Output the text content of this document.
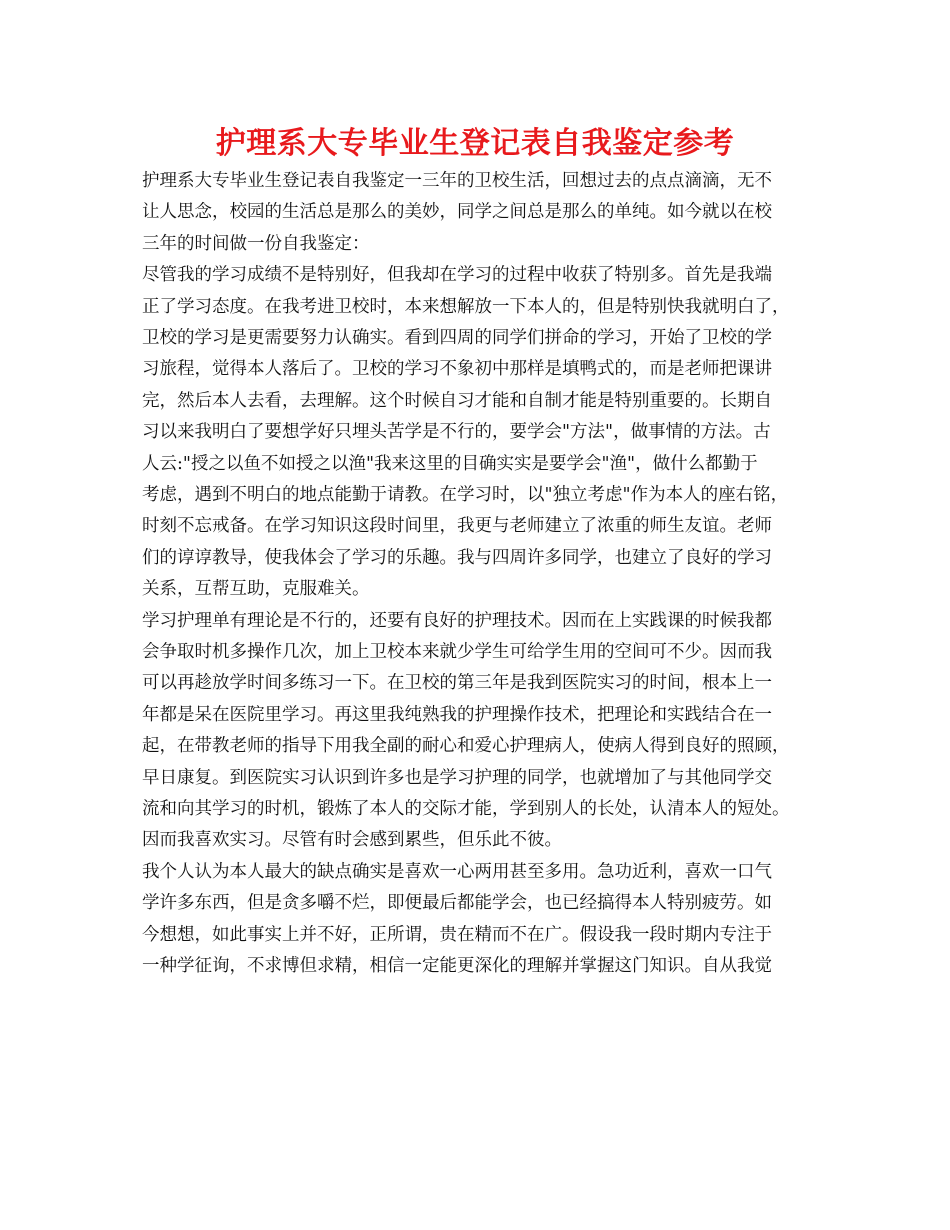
护理系大专毕业生登记表自我鉴定参考
护理系大专毕业生登记表自我鉴定一三年的卫校生活，回想过去的点点滴滴，无不
让人思念，校园的生活总是那么的美妙，同学之间总是那么的单纯。如今就以在校
三年的时间做一份自我鉴定：
尽管我的学习成绩不是特别好，但我却在学习的过程中收获了特别多。首先是我端
正了学习态度。在我考进卫校时，本来想解放一下本人的，但是特别快我就明白了，
卫校的学习是更需要努力认确实。看到四周的同学们拼命的学习，开始了卫校的学
习旅程，觉得本人落后了。卫校的学习不象初中那样是填鸭式的，而是老师把课讲
完，然后本人去看，去理解。这个时候自习才能和自制才能是特别重要的。长期自
习以来我明白了要想学好只埋头苦学是不行的，要学会"方法"，做事情的方法。古
人云:"授之以鱼不如授之以渔"我来这里的目确实实是要学会"渔"，做什么都勤于
考虑，遇到不明白的地点能勤于请教。在学习时，以"独立考虑"作为本人的座右铭，
时刻不忘戒备。在学习知识这段时间里，我更与老师建立了浓重的师生友谊。老师
们的谆谆教导，使我体会了学习的乐趣。我与四周许多同学，也建立了良好的学习
关系，互帮互助，克服难关。
学习护理单有理论是不行的，还要有良好的护理技术。因而在上实践课的时候我都
会争取时机多操作几次，加上卫校本来就少学生可给学生用的空间可不少。因而我
可以再趁放学时间多练习一下。在卫校的第三年是我到医院实习的时间，根本上一
年都是呆在医院里学习。再这里我纯熟我的护理操作技术，把理论和实践结合在一
起，在带教老师的指导下用我全副的耐心和爱心护理病人，使病人得到良好的照顾，
早日康复。到医院实习认识到许多也是学习护理的同学，也就增加了与其他同学交
流和向其学习的时机，锻炼了本人的交际才能，学到别人的长处，认清本人的短处。
因而我喜欢实习。尽管有时会感到累些，但乐此不彼。
我个人认为本人最大的缺点确实是喜欢一心两用甚至多用。急功近利，喜欢一口气
学许多东西，但是贪多嚼不烂，即便最后都能学会，也已经搞得本人特别疲劳。如
今想想，如此事实上并不好，正所谓，贵在精而不在广。假设我一段时期内专注于
一种学征询，不求博但求精，相信一定能更深化的理解并掌握这门知识。自从我觉
